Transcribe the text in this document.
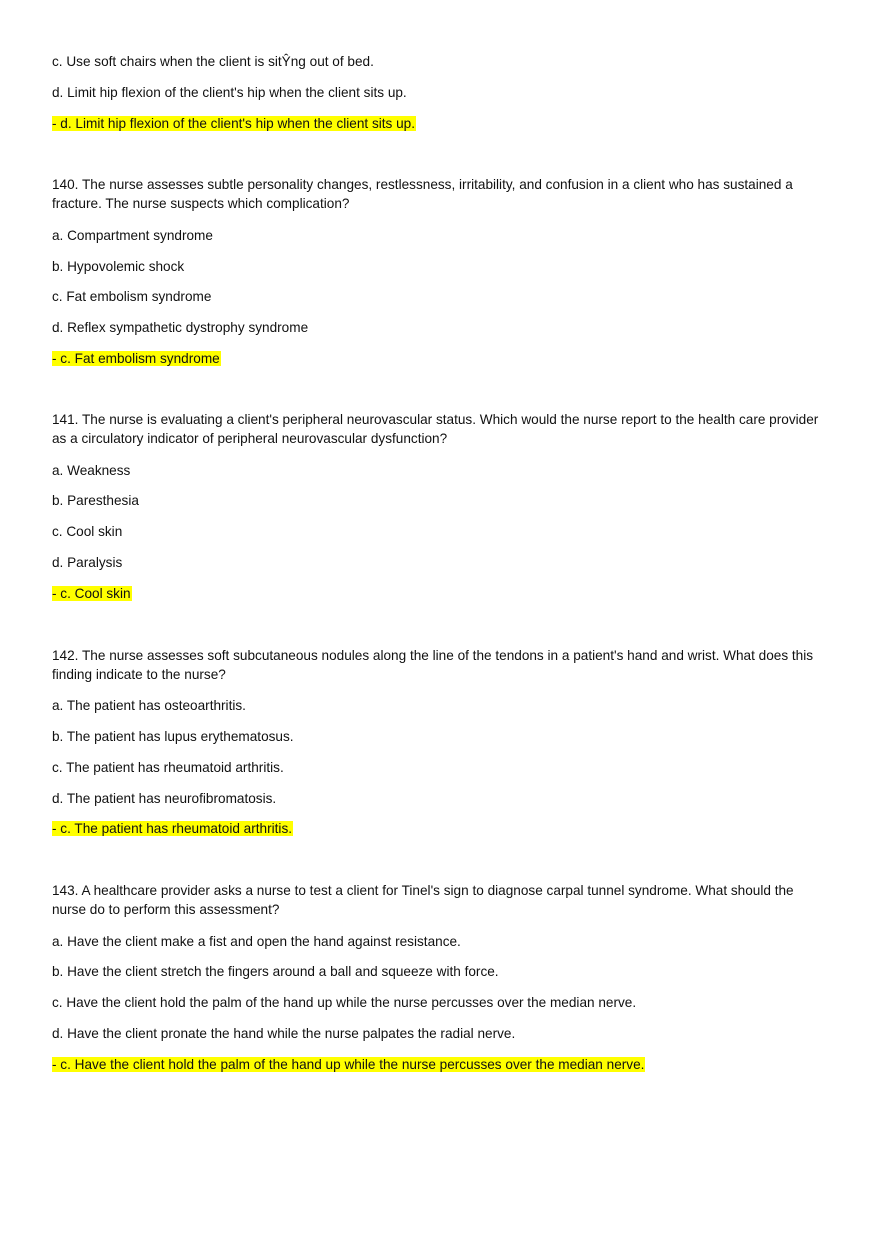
c. Use soft chairs when the client is sitŶng out of bed.
d. Limit hip flexion of the client's hip when the client sits up.
- d. Limit hip flexion of the client's hip when the client sits up.
140. The nurse assesses subtle personality changes, restlessness, irritability, and confusion in a client who has sustained a fracture. The nurse suspects which complication?
a. Compartment syndrome
b. Hypovolemic shock
c. Fat embolism syndrome
d. Reflex sympathetic dystrophy syndrome
- c. Fat embolism syndrome
141. The nurse is evaluating a client's peripheral neurovascular status. Which would the nurse report to the health care provider as a circulatory indicator of peripheral neurovascular dysfunction?
a. Weakness
b. Paresthesia
c. Cool skin
d. Paralysis
- c. Cool skin
142. The nurse assesses soft subcutaneous nodules along the line of the tendons in a patient's hand and wrist. What does this finding indicate to the nurse?
a. The patient has osteoarthritis.
b. The patient has lupus erythematosus.
c. The patient has rheumatoid arthritis.
d. The patient has neurofibromatosis.
- c. The patient has rheumatoid arthritis.
143. A healthcare provider asks a nurse to test a client for Tinel's sign to diagnose carpal tunnel syndrome. What should the nurse do to perform this assessment?
a. Have the client make a fist and open the hand against resistance.
b. Have the client stretch the fingers around a ball and squeeze with force.
c. Have the client hold the palm of the hand up while the nurse percusses over the median nerve.
d. Have the client pronate the hand while the nurse palpates the radial nerve.
- c. Have the client hold the palm of the hand up while the nurse percusses over the median nerve.
